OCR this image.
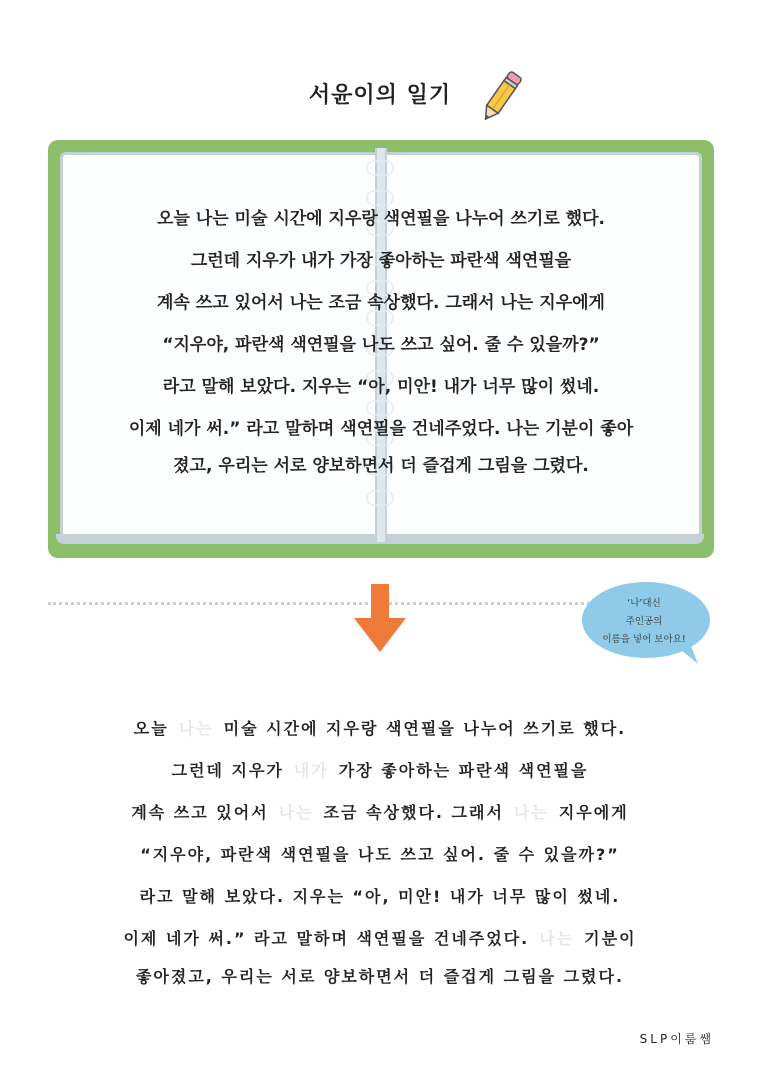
서윤이의 일기

오늘 나는 미술 시간에 지우랑 색연필을 나누어 쓰기로 했다.

그런데 지우가 내가 가장 좋아하는 파란색 색연필을

계속 쓰고 있어서 나는 조금 속상했다. 그래서 나는 지우에게

“지우야, 파란색 색연필을 나도 쓰고 싶어. 줄 수 있을까?”

라고 말해 보았다. 지우는 “아, 미안! 내가 너무 많이 썼네.

이제 네가 써.” 라고 말하며 색연필을 건네주었다. 나는 기분이 좋아

졌고, 우리는 서로 양보하면서 더 즐겁게 그림을 그렸다.

‘나’대신
주인공의
이름을 넣어 보아요!

오늘 나는 미술 시간에 지우랑 색연필을 나누어 쓰기로 했다.

그런데 지우가 내가 가장 좋아하는 파란색 색연필을

계속 쓰고 있어서 나는 조금 속상했다. 그래서 나는 지우에게

“지우야, 파란색 색연필을 나도 쓰고 싶어. 줄 수 있을까?”

라고 말해 보았다. 지우는 “아, 미안! 내가 너무 많이 썼네.

이제 네가 써.” 라고 말하며 색연필을 건네주었다. 나는 기분이

좋아졌고, 우리는 서로 양보하면서 더 즐겁게 그림을 그렸다.

SLP이룸쌤
